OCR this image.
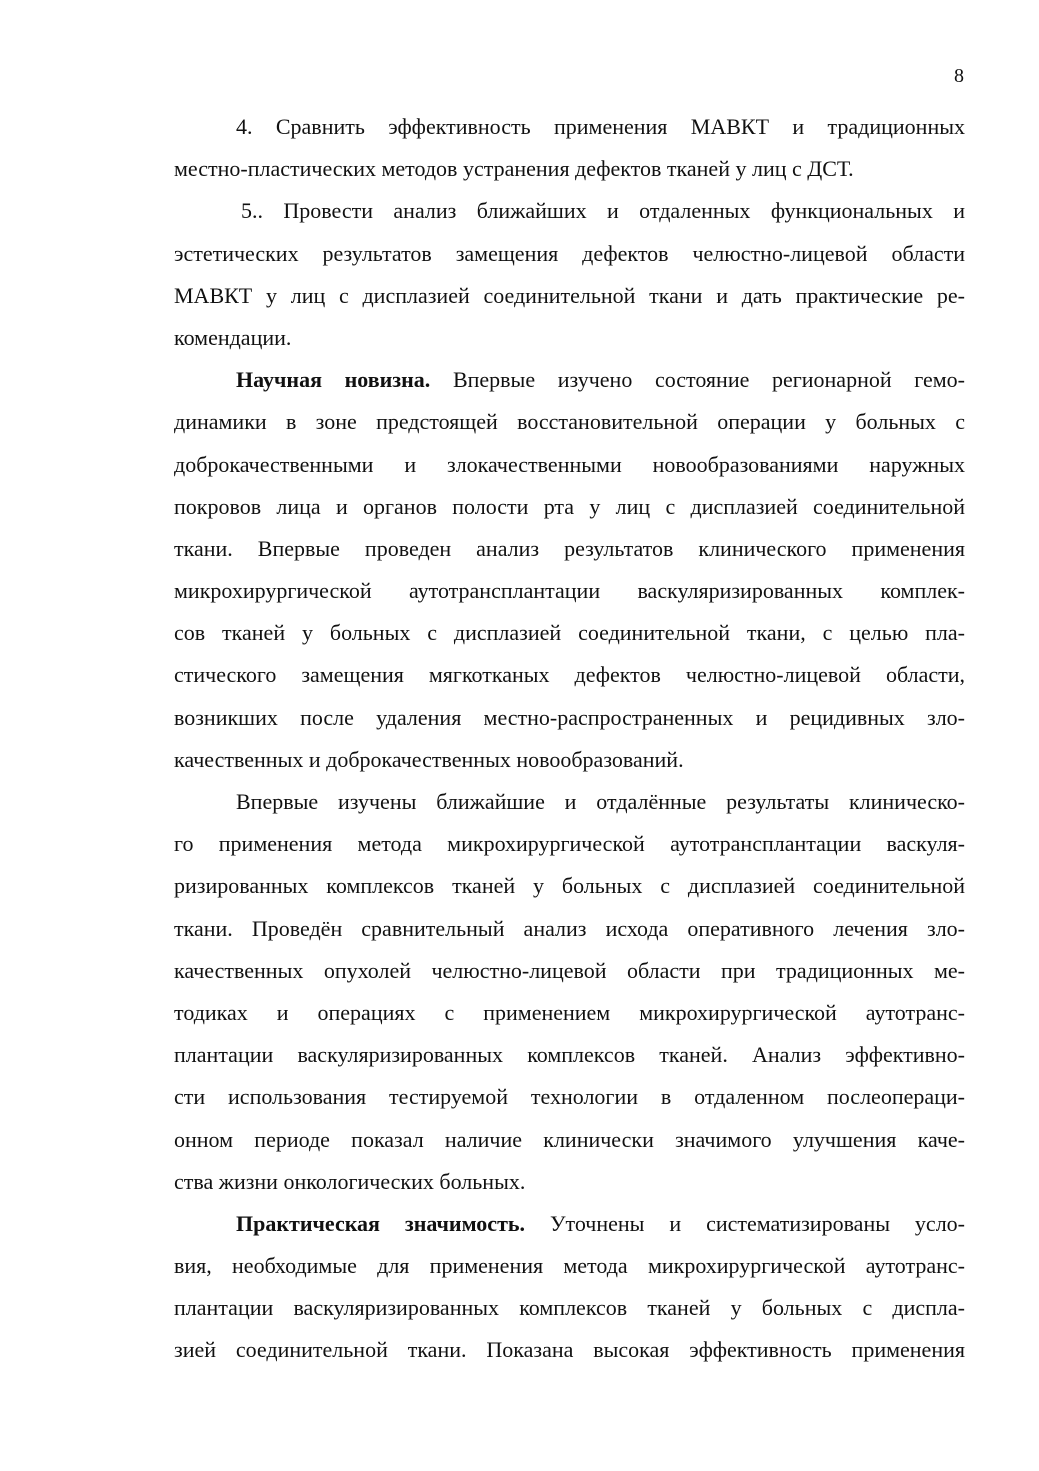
8
4. Сравнить эффективность применения МАВКТ и традиционных
местно-пластических методов устранения дефектов тканей у лиц с ДСТ.
5.. Провести анализ ближайших и отдаленных функциональных и
эстетических результатов замещения дефектов челюстно-лицевой области
МАВКТ у лиц с дисплазией соединительной ткани и дать практические ре-
комендации.
Научная новизна. Впервые изучено состояние регионарной гемо-
динамики в зоне предстоящей восстановительной операции у больных с
доброкачественными и злокачественными новообразованиями наружных
покровов лица и органов полости рта у лиц с дисплазией соединительной
ткани. Впервые проведен анализ результатов клинического применения
микрохирургической аутотрансплантации васкуляризированных комплек-
сов тканей у больных с дисплазией соединительной ткани, с целью пла-
стического замещения мягкотканых дефектов челюстно-лицевой области,
возникших после удаления местно-распространенных и рецидивных зло-
качественных и доброкачественных новообразований.
Впервые изучены ближайшие и отдалённые результаты клиническо-
го применения метода микрохирургической аутотрансплантации васкуля-
ризированных комплексов тканей у больных с дисплазией соединительной
ткани. Проведён сравнительный анализ исхода оперативного лечения зло-
качественных опухолей челюстно-лицевой области при традиционных ме-
тодиках и операциях с применением микрохирургической аутотранс-
плантации васкуляризированных комплексов тканей. Анализ эффективно-
сти использования тестируемой технологии в отдаленном послеопераци-
онном периоде показал наличие клинически значимого улучшения каче-
ства жизни онкологических больных.
Практическая значимость. Уточнены и систематизированы усло-
вия, необходимые для применения метода микрохирургической аутотранс-
плантации васкуляризированных комплексов тканей у больных с диспла-
зией соединительной ткани. Показана высокая эффективность применения
